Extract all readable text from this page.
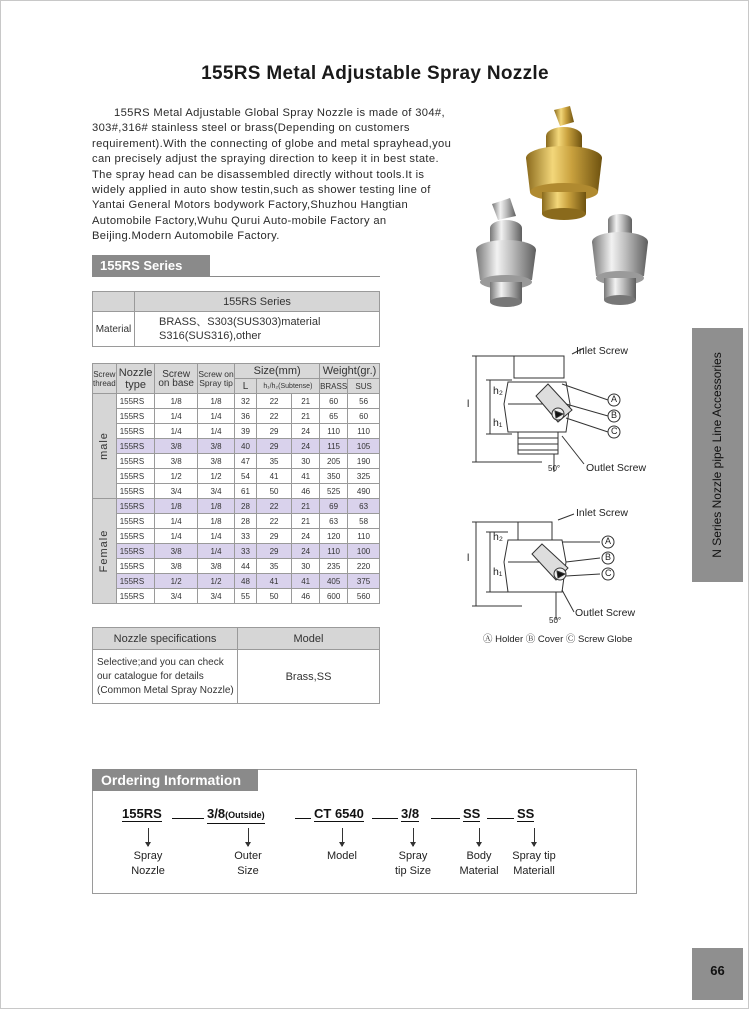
155RS Metal Adjustable Spray Nozzle

155RS Metal Adjustable Global Spray Nozzle is made of 304#, 303#,316# stainless steel or brass(Depending on customers requirement).With the connecting of globe and metal sprayhead,you can precisely adjust the spraying direction to keep it in best state. The spray head can be disassembled directly without tools.It is widely applied in auto show testin,such as shower testing line of Yantai General Motors bodywork Factory,Shuzhou Hangtian Automobile Factory,Wuhu Qurui Auto-mobile Factory an Beijing.Modern Automobile Factory.

155RS Series
	155RS Series
Material	BRASS、S303(SUS303)material
S316(SUS316),other
Screw thread	Nozzle type	Screw on base	Screw on Spray tip	Size(mm)			Weight(gr.)	
				L	h₁/h₂(Subtense)		BRASS	SUS

male	155RS	1/8	1/8	32	22	21	60	56
	155RS	1/4	1/4	36	22	21	65	60
	155RS	1/4	1/4	39	29	24	110	110
	155RS	3/8	3/8	40	29	24	115	105
	155RS	3/8	3/8	47	35	30	205	190
	155RS	1/2	1/2	54	41	41	350	325
	155RS	3/4	3/4	61	50	46	525	490

Female	155RS	1/8	1/8	28	22	21	69	63
	155RS	1/4	1/8	28	22	21	63	58
	155RS	1/4	1/4	33	29	24	120	110
	155RS	3/8	1/4	33	29	24	110	100
	155RS	3/8	3/8	44	35	30	235	220
	155RS	1/2	1/2	48	41	41	405	375
	155RS	3/4	3/4	55	50	46	600	560
Nozzle specifications	Model

Selective;and you can check
our catalogue for details
(Common Metal Spray Nozzle)	Brass,SS
Inlet Screw
h₂
h₁
l	A
B
C
50° Outlet Screw
Inlet Screw
h₂
h₁
l
A
B
C
50°
Outlet Screw
Ⓐ Holder Ⓑ Cover Ⓒ Screw Globe
N Series Nozzle pipe Line Accessories
Ordering Information
155RS
Spray
Nozzle
3/8(Outside)
Outer
Size
CT 6540
Model
3/8
Spray
tip Size
SS
Body
Material
SS
Spray tip
Materiall
66
